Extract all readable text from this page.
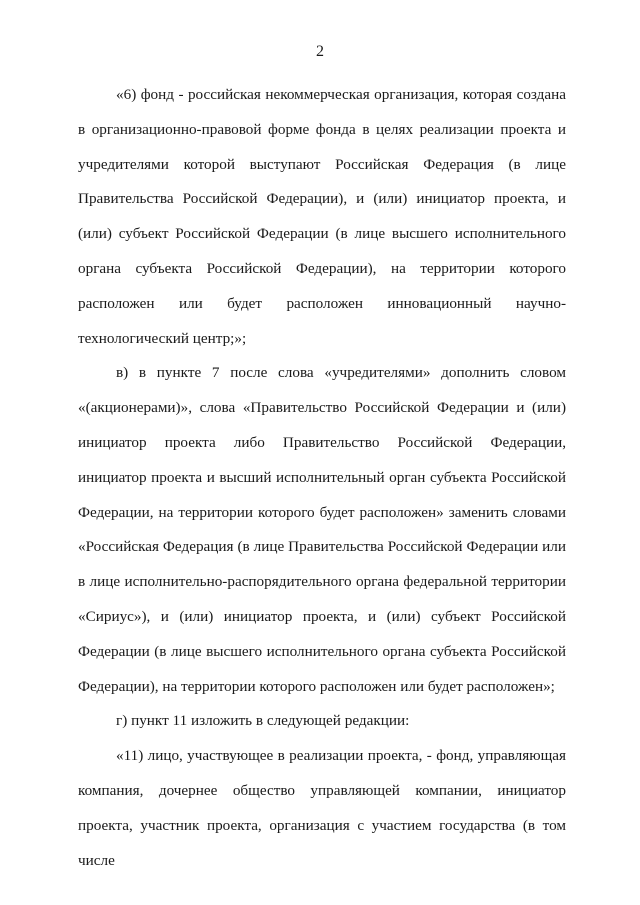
2

«6) фонд - российская некоммерческая организация, которая создана в организационно-правовой форме фонда в целях реализации проекта и учредителями которой выступают Российская Федерация (в лице Правительства Российской Федерации), и (или) инициатор проекта, и (или) субъект Российской Федерации (в лице высшего исполнительного органа субъекта Российской Федерации), на территории которого расположен или будет расположен инновационный научно-технологический центр;»;

в) в пункте 7 после слова «учредителями» дополнить словом «(акционерами)», слова «Правительство Российской Федерации и (или) инициатор проекта либо Правительство Российской Федерации, инициатор проекта и высший исполнительный орган субъекта Российской Федерации, на территории которого будет расположен» заменить словами «Российская Федерация (в лице Правительства Российской Федерации или в лице исполнительно-распорядительного органа федеральной территории «Сириус»), и (или) инициатор проекта, и (или) субъект Российской Федерации (в лице высшего исполнительного органа субъекта Российской Федерации), на территории которого расположен или будет расположен»;

г) пункт 11 изложить в следующей редакции:

«11) лицо, участвующее в реализации проекта, - фонд, управляющая компания, дочернее общество управляющей компании, инициатор проекта, участник проекта, организация с участием государства (в том числе
